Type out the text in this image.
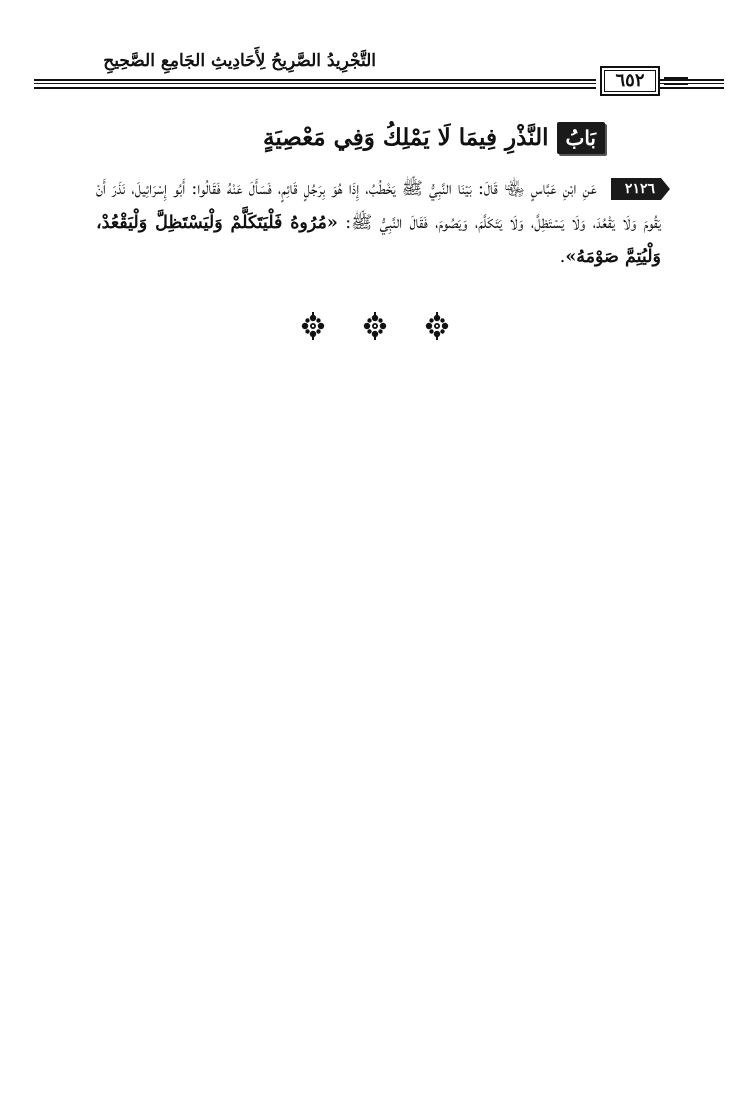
التَّجْرِيدُ الصَّرِيحُ لِأَحَادِيثِ الجَامِعِ الصَّحِيحِ
٦٥٢
بَابُالنَّذْرِ فِيمَا لَا يَمْلِكُ وَفِي مَعْصِيَةٍ
٢١٢٦ عَنِ ابْنِ عَبَّاسٍ ﵄ قَالَ: بَيْنَا النَّبِيُّ ﷺ يَخْطُبُ، إِذَا هُوَ بِرَجُلٍ قَائِمٍ، فَسَأَلَ عَنْهُ فَقَالُوا: أَبُو إِسْرَائِيلَ، نَذَرَ أَنْ يَقُومَ وَلَا يَقْعُدَ، وَلَا يَسْتَظِلَّ، وَلَا يَتَكَلَّمَ، وَيَصُومَ، فَقَالَ النَّبِيُّ ﷺ: «مُرُوهُ فَلْيَتَكَلَّمْ وَلْيَسْتَظِلَّ وَلْيَقْعُدْ، وَلْيُتِمَّ صَوْمَهُ».
